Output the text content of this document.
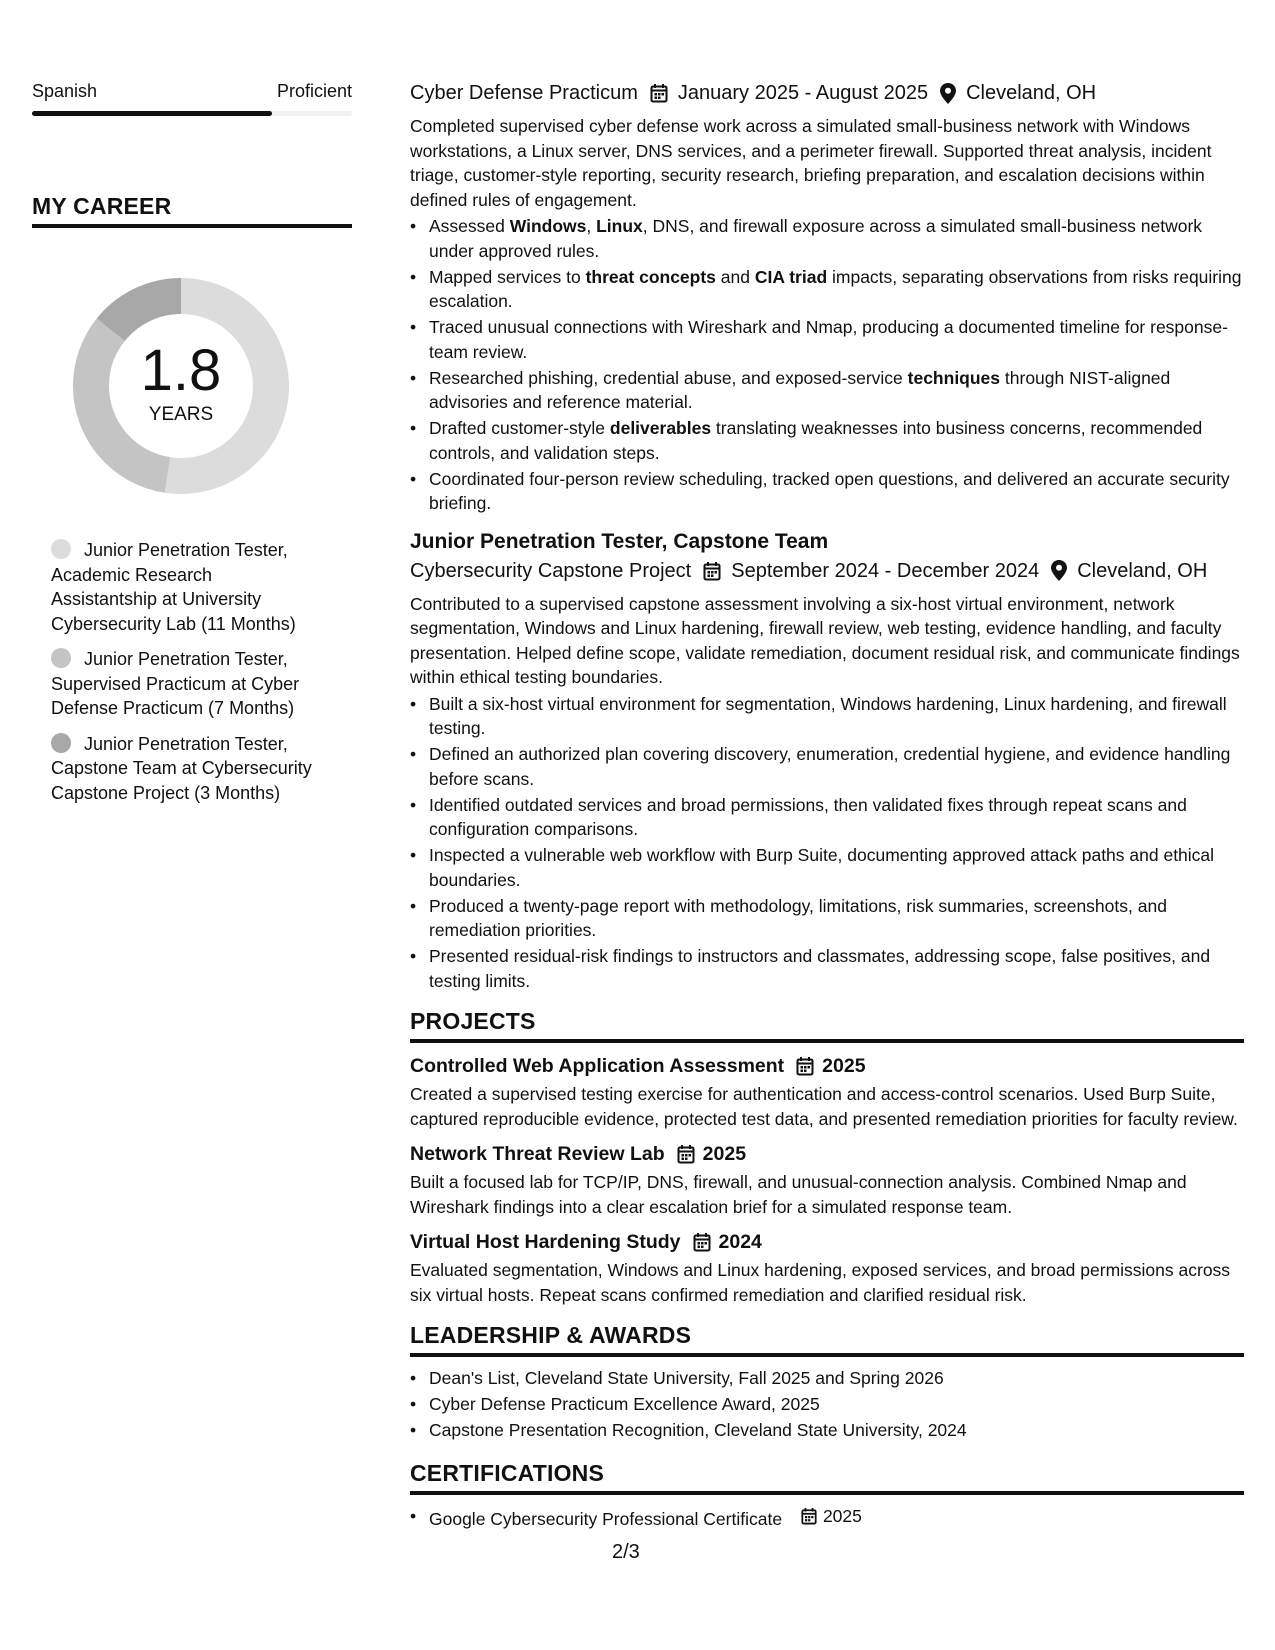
Spanish	Proficient
MY CAREER
1.8
YEARS
Junior Penetration Tester, Academic Research Assistantship at University Cybersecurity Lab (11 Months)
Junior Penetration Tester, Supervised Practicum at Cyber Defense Practicum (7 Months)
Junior Penetration Tester, Capstone Team at Cybersecurity Capstone Project (3 Months)
Cyber Defense Practicum January 2025 - August 2025 Cleveland, OH

Completed supervised cyber defense work across a simulated small-business network with Windows workstations, a Linux server, DNS services, and a perimeter firewall. Supported threat analysis, incident triage, customer-style reporting, security research, briefing preparation, and escalation decisions within defined rules of engagement.

• Assessed Windows, Linux, DNS, and firewall exposure across a simulated small-business network under approved rules.
• Mapped services to threat concepts and CIA triad impacts, separating observations from risks requiring escalation.
• Traced unusual connections with Wireshark and Nmap, producing a documented timeline for response-team review.
• Researched phishing, credential abuse, and exposed-service techniques through NIST-aligned advisories and reference material.
• Drafted customer-style deliverables translating weaknesses into business concerns, recommended controls, and validation steps.
• Coordinated four-person review scheduling, tracked open questions, and delivered an accurate security briefing.
Junior Penetration Tester, Capstone Team
Cybersecurity Capstone Project September 2024 - December 2024 Cleveland, OH

Contributed to a supervised capstone assessment involving a six-host virtual environment, network segmentation, Windows and Linux hardening, firewall review, web testing, evidence handling, and faculty presentation. Helped define scope, validate remediation, document residual risk, and communicate findings within ethical testing boundaries.

• Built a six-host virtual environment for segmentation, Windows hardening, Linux hardening, and firewall testing.
• Defined an authorized plan covering discovery, enumeration, credential hygiene, and evidence handling before scans.
• Identified outdated services and broad permissions, then validated fixes through repeat scans and configuration comparisons.
• Inspected a vulnerable web workflow with Burp Suite, documenting approved attack paths and ethical boundaries.
• Produced a twenty-page report with methodology, limitations, risk summaries, screenshots, and remediation priorities.
• Presented residual-risk findings to instructors and classmates, addressing scope, false positives, and testing limits.
PROJECTS
Controlled Web Application Assessment 2025

Created a supervised testing exercise for authentication and access-control scenarios. Used Burp Suite, captured reproducible evidence, protected test data, and presented remediation priorities for faculty review.

Network Threat Review Lab 2025

Built a focused lab for TCP/IP, DNS, firewall, and unusual-connection analysis. Combined Nmap and Wireshark findings into a clear escalation brief for a simulated response team.

Virtual Host Hardening Study 2024

Evaluated segmentation, Windows and Linux hardening, exposed services, and broad permissions across six virtual hosts. Repeat scans confirmed remediation and clarified residual risk.

LEADERSHIP & AWARDS
• Dean's List, Cleveland State University, Fall 2025 and Spring 2026
• Cyber Defense Practicum Excellence Award, 2025
• Capstone Presentation Recognition, Cleveland State University, 2024
CERTIFICATIONS
• Google Cybersecurity Professional Certificate 2025
2/3
